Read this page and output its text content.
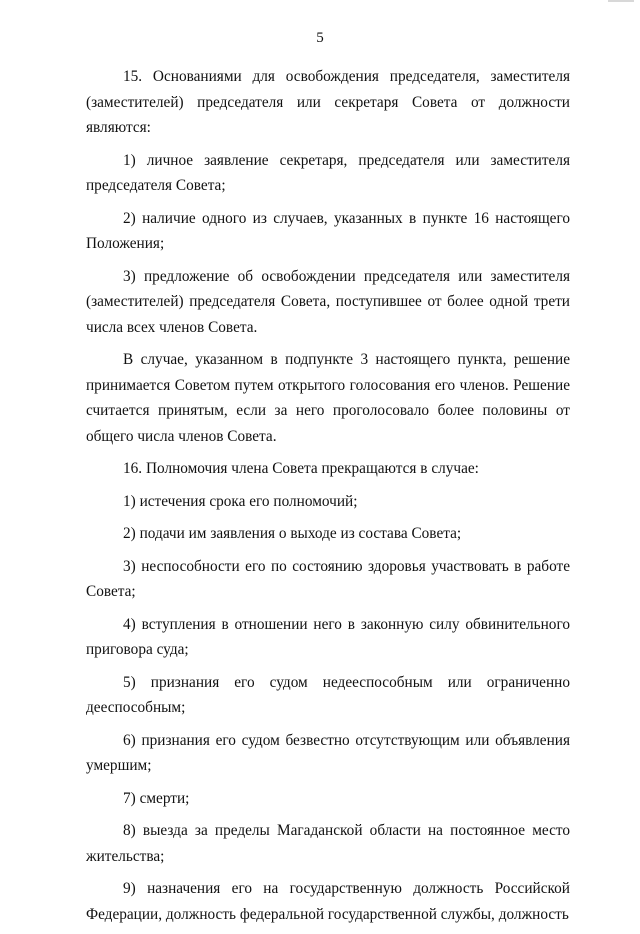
5

15. Основаниями для освобождения председателя, заместителя (заместителей) председателя или секретаря Совета от должности являются:

1) личное заявление секретаря, председателя или заместителя председателя Совета;

2) наличие одного из случаев, указанных в пункте 16 настоящего Положения;

3) предложение об освобождении председателя или заместителя (заместителей) председателя Совета, поступившее от более одной трети числа всех членов Совета.

В случае, указанном в подпункте 3 настоящего пункта, решение принимается Советом путем открытого голосования его членов. Решение считается принятым, если за него проголосовало более половины от общего числа членов Совета.

16. Полномочия члена Совета прекращаются в случае:

1) истечения срока его полномочий;

2) подачи им заявления о выходе из состава Совета;

3) неспособности его по состоянию здоровья участвовать в работе Совета;

4) вступления в отношении него в законную силу обвинительного приговора суда;

5) признания его судом недееспособным или ограниченно дееспособным;

6) признания его судом безвестно отсутствующим или объявления умершим;

7) смерти;

8) выезда за пределы Магаданской области на постоянное место жительства;

9) назначения его на государственную должность Российской Федерации, должность федеральной государственной службы, должность
